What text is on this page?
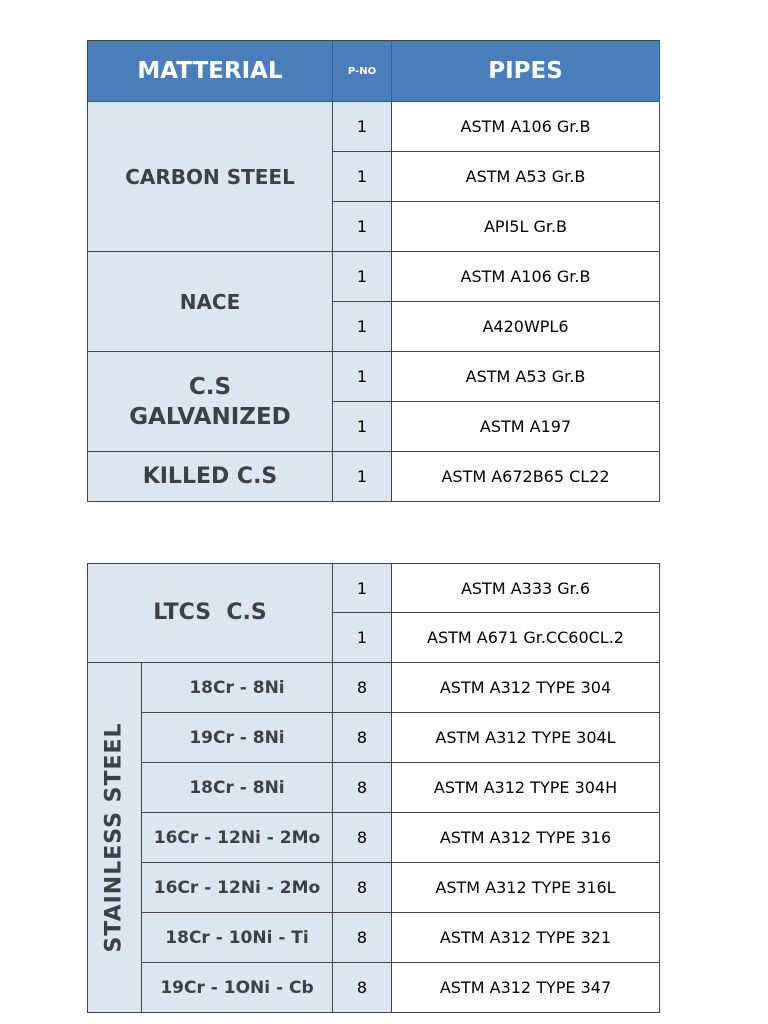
MATTERIAL	P-NO	PIPES
CARBON STEEL
1	ASTM A106 Gr.B
1	ASTM A53 Gr.B
1	API5L Gr.B
NACE
1	ASTM A106 Gr.B
1	A420WPL6
C.S
GALVANIZED
1	ASTM A53 Gr.B
1	ASTM A197
KILLED C.S	1	ASTM A672B65 CL22
LTCS  C.S
1	ASTM A333 Gr.6
1	ASTM A671 Gr.CC60CL.2
STAINLESS STEEL
18Cr - 8Ni	8	ASTM A312 TYPE 304
19Cr - 8Ni	8	ASTM A312 TYPE 304L
18Cr - 8Ni	8	ASTM A312 TYPE 304H
16Cr - 12Ni - 2Mo	8	ASTM A312 TYPE 316
16Cr - 12Ni - 2Mo	8	ASTM A312 TYPE 316L
18Cr - 10Ni - Ti	8	ASTM A312 TYPE 321
19Cr - 1ONi - Cb	8	ASTM A312 TYPE 347
